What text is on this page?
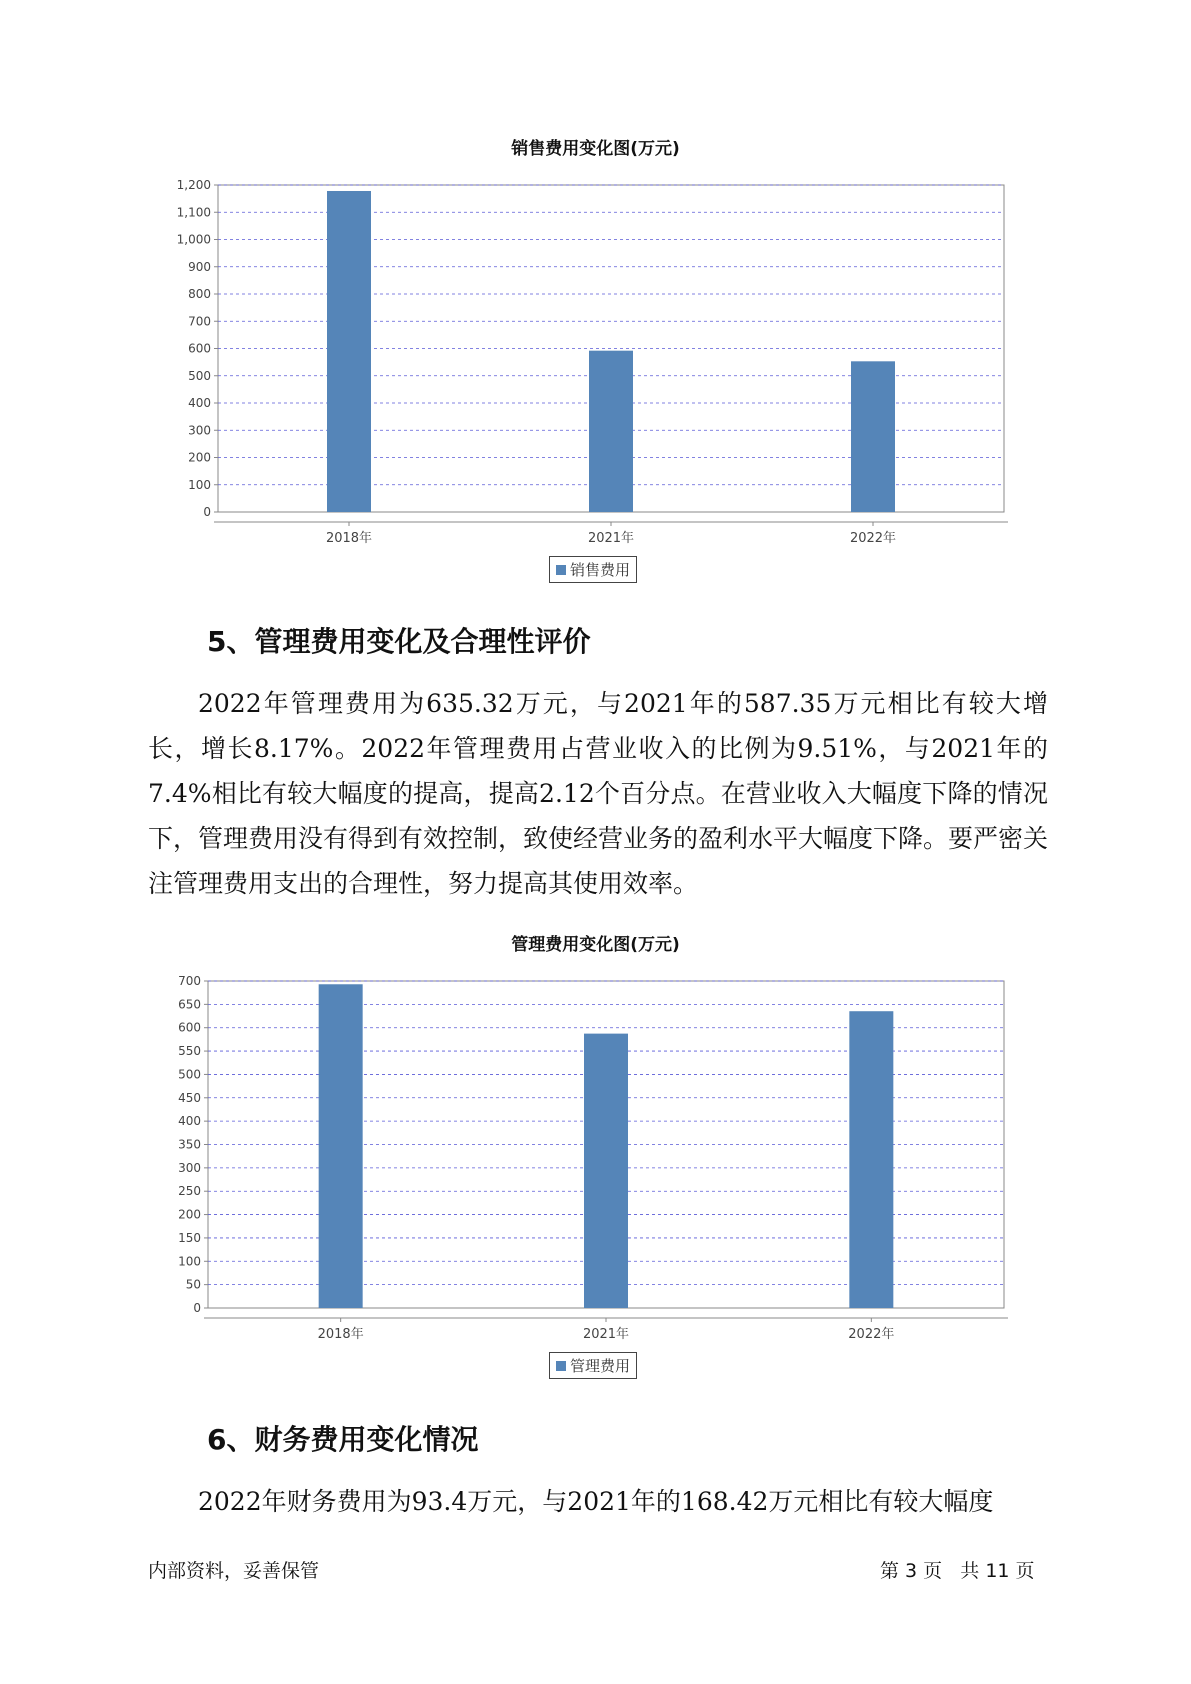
销售费用变化图(万元)
0
100
200
300
400
500
600
700
800
900
1,000
1,100
1,200
2018年	2021年	2022年
销售费用
5、管理费用变化及合理性评价

2022年管理费用为635.32万元，与2021年的587.35万元相比有较大增长，增长8.17%。2022年管理费用占营业收入的比例为9.51%，与2021年的7.4%相比有较大幅度的提高，提高2.12个百分点。在营业收入大幅度下降的情况下，管理费用没有得到有效控制，致使经营业务的盈利水平大幅度下降。要严密关注管理费用支出的合理性，努力提高其使用效率。

管理费用变化图(万元)
0
50
100
150
200
250
300
350
400
450
500
550
600
650
700
2018年	2021年	2022年
管理费用
6、财务费用变化情况

2022年财务费用为93.4万元，与2021年的168.42万元相比有较大幅度

内部资料，妥善保管	第 3 页   共 11 页
